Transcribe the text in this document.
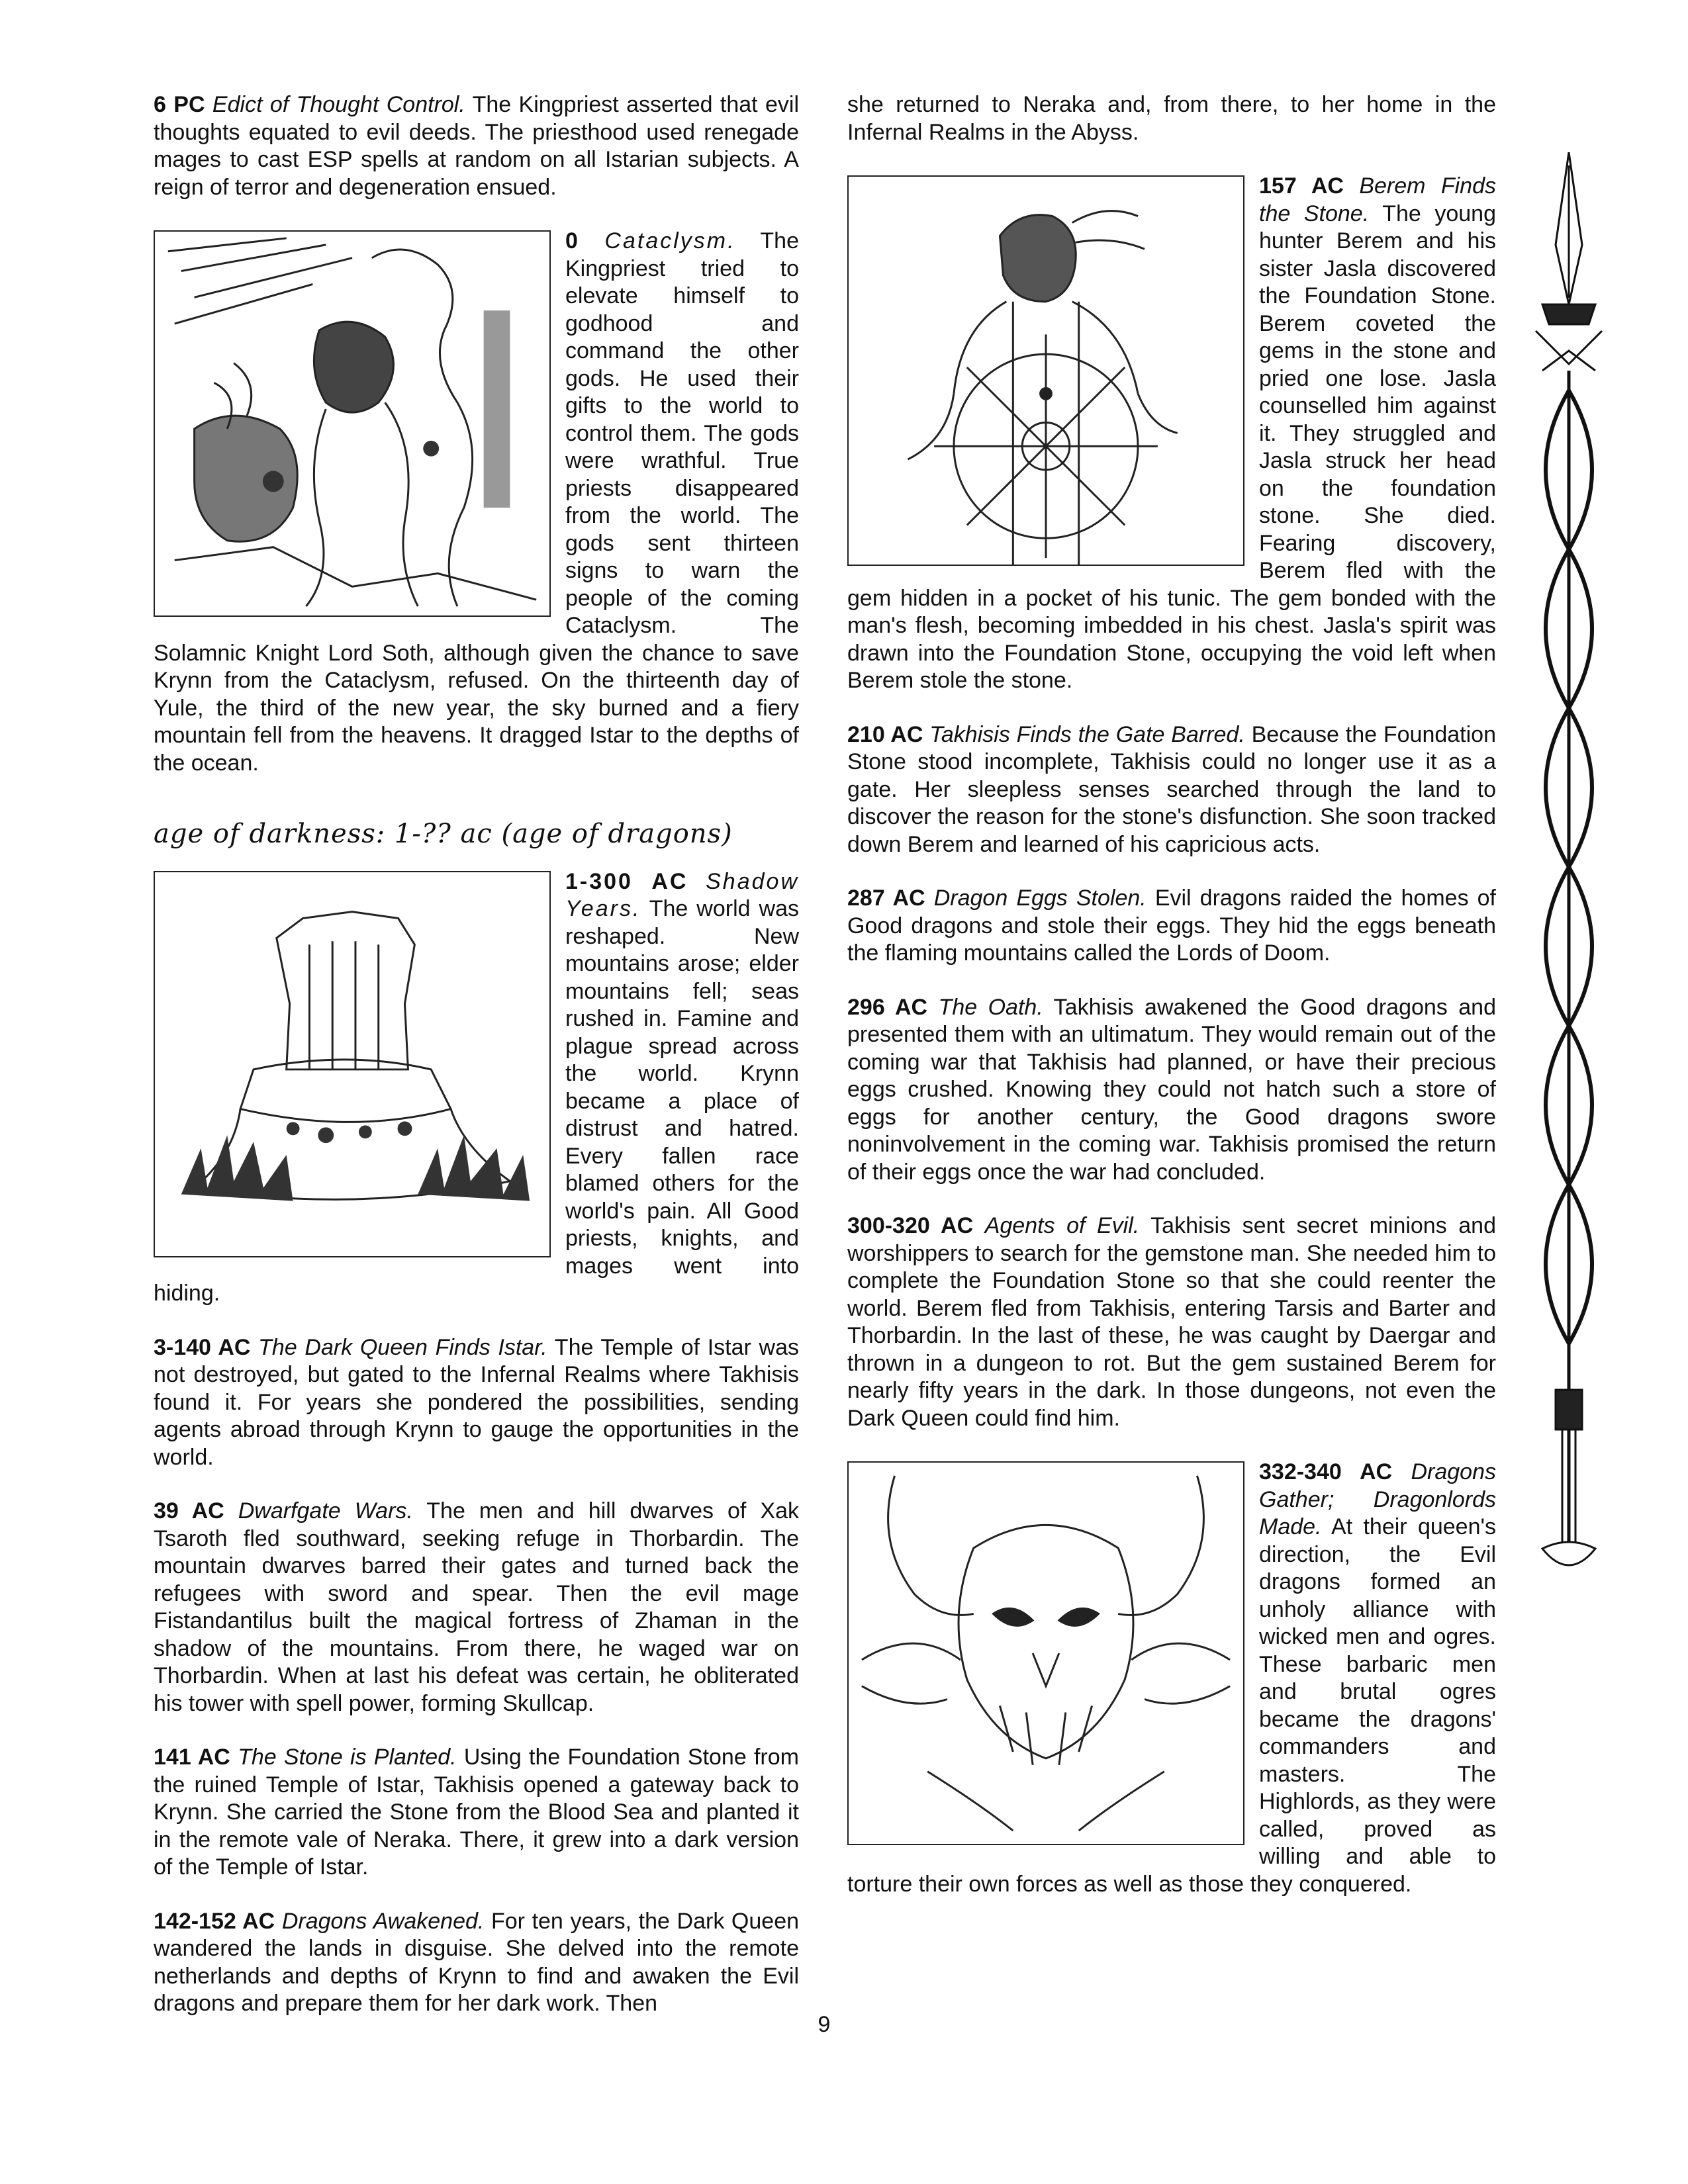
6 PC Edict of Thought Control. The Kingpriest asserted that evil thoughts equated to evil deeds. The priesthood used renegade mages to cast ESP spells at random on all Istarian subjects. A reign of terror and degeneration ensued.

0 Cataclysm. The Kingpriest tried to elevate himself to godhood and command the other gods. He used their gifts to the world to control them. The gods were wrathful. True priests disappeared from the world. The gods sent thirteen signs to warn the people of the coming Cataclysm. The Solamnic Knight Lord Soth, although given the chance to save Krynn from the Cataclysm, refused. On the thirteenth day of Yule, the third of the new year, the sky burned and a fiery mountain fell from the heavens. It dragged Istar to the depths of the ocean.
age of darkness: 1-?? ac (age of dragons)
1-300 AC Shadow Years. The world was reshaped. New mountains arose; elder mountains fell; seas rushed in. Famine and plague spread across the world. Krynn became a place of distrust and hatred. Every fallen race blamed others for the world's pain. All Good priests, knights, and mages went into hiding.

3-140 AC The Dark Queen Finds Istar. The Temple of Istar was not destroyed, but gated to the Infernal Realms where Takhisis found it. For years she pondered the possibilities, sending agents abroad through Krynn to gauge the opportunities in the world.

39 AC Dwarfgate Wars. The men and hill dwarves of Xak Tsaroth fled southward, seeking refuge in Thorbardin. The mountain dwarves barred their gates and turned back the refugees with sword and spear. Then the evil mage Fistandantilus built the magical fortress of Zhaman in the shadow of the mountains. From there, he waged war on Thorbardin. When at last his defeat was certain, he obliterated his tower with spell power, forming Skullcap.

141 AC The Stone is Planted. Using the Foundation Stone from the ruined Temple of Istar, Takhisis opened a gateway back to Krynn. She carried the Stone from the Blood Sea and planted it in the remote vale of Neraka. There, it grew into a dark version of the Temple of Istar.

142-152 AC Dragons Awakened. For ten years, the Dark Queen wandered the lands in disguise. She delved into the remote netherlands and depths of Krynn to find and awaken the Evil dragons and prepare them for her dark work. Then

she returned to Neraka and, from there, to her home in the Infernal Realms in the Abyss.

157 AC Berem Finds the Stone. The young hunter Berem and his sister Jasla discovered the Foundation Stone. Berem coveted the gems in the stone and pried one lose. Jasla counselled him against it. They struggled and Jasla struck her head on the foundation stone. She died. Fearing discovery, Berem fled with the gem hidden in a pocket of his tunic. The gem bonded with the man's flesh, becoming imbedded in his chest. Jasla's spirit was drawn into the Foundation Stone, occupying the void left when Berem stole the stone.

210 AC Takhisis Finds the Gate Barred. Because the Foundation Stone stood incomplete, Takhisis could no longer use it as a gate. Her sleepless senses searched through the land to discover the reason for the stone's disfunction. She soon tracked down Berem and learned of his capricious acts.

287 AC Dragon Eggs Stolen. Evil dragons raided the homes of Good dragons and stole their eggs. They hid the eggs beneath the flaming mountains called the Lords of Doom.

296 AC The Oath. Takhisis awakened the Good dragons and presented them with an ultimatum. They would remain out of the coming war that Takhisis had planned, or have their precious eggs crushed. Knowing they could not hatch such a store of eggs for another century, the Good dragons swore noninvolvement in the coming war. Takhisis promised the return of their eggs once the war had concluded.

300-320 AC Agents of Evil. Takhisis sent secret minions and worshippers to search for the gemstone man. She needed him to complete the Foundation Stone so that she could reenter the world. Berem fled from Takhisis, entering Tarsis and Barter and Thorbardin. In the last of these, he was caught by Daergar and thrown in a dungeon to rot. But the gem sustained Berem for nearly fifty years in the dark. In those dungeons, not even the Dark Queen could find him.

332-340 AC Dragons Gather; Dragonlords Made. At their queen's direction, the Evil dragons formed an unholy alliance with wicked men and ogres. These barbaric men and brutal ogres became the dragons' commanders and masters. The Highlords, as they were called, proved as willing and able to torture their own forces as well as those they conquered.
9
